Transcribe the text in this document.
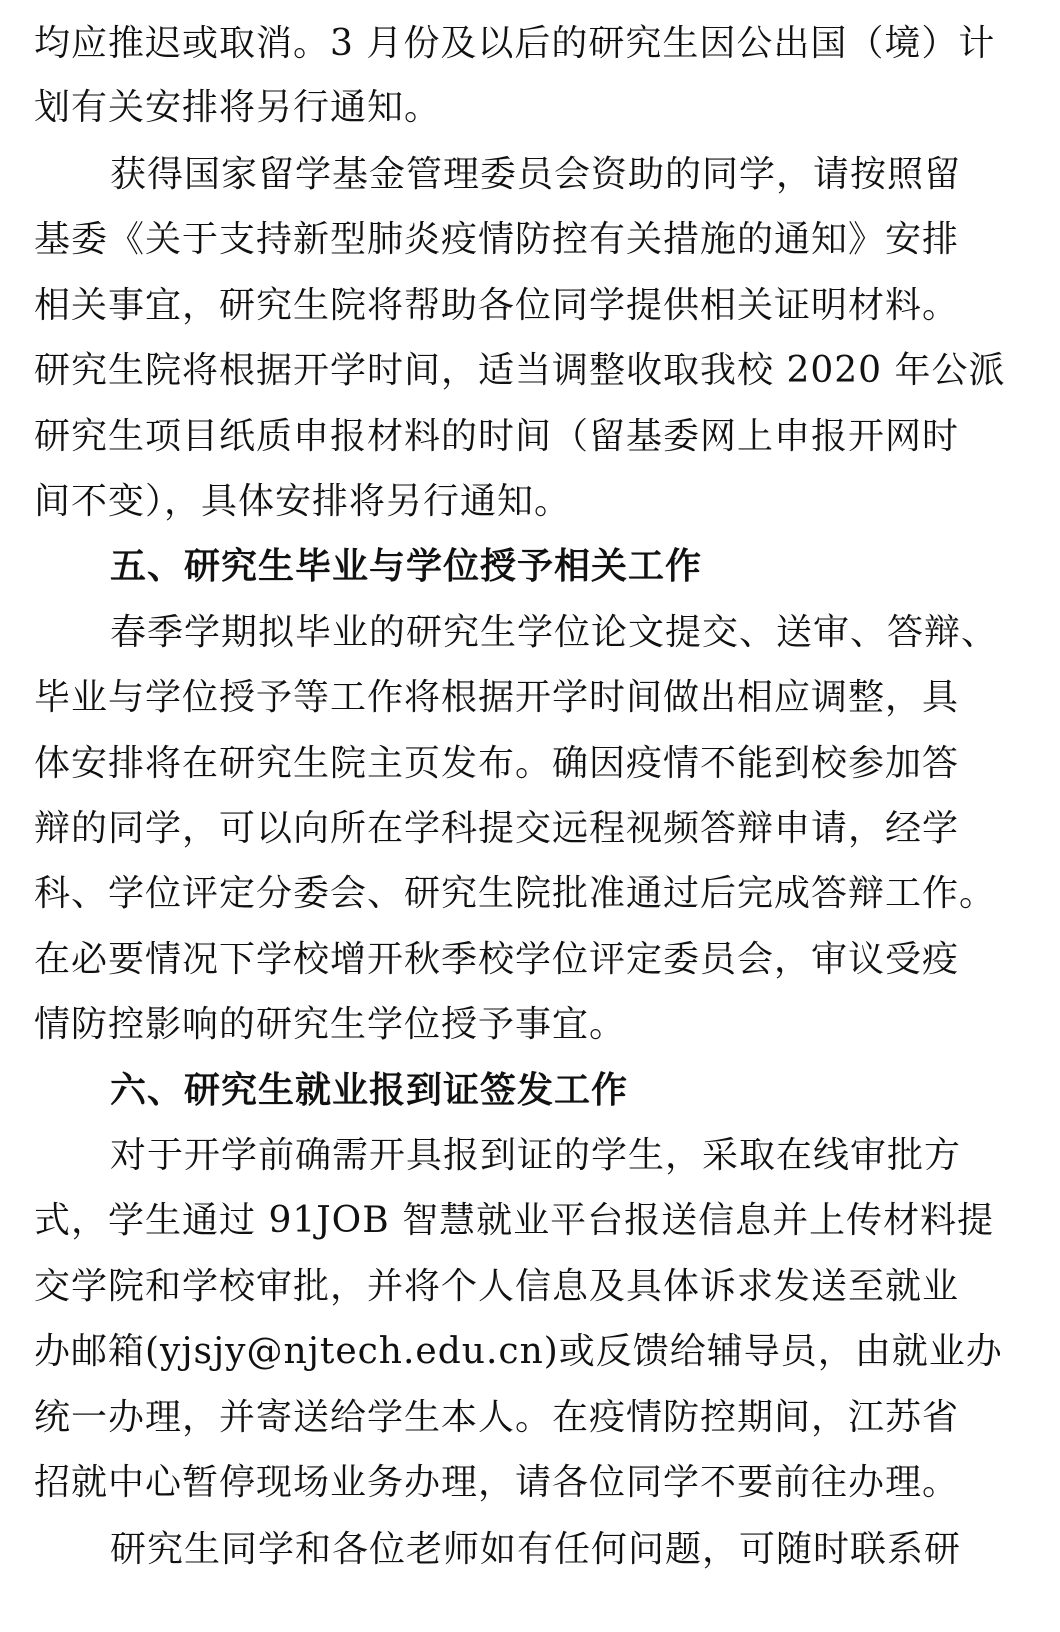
均应推迟或取消。3 月份及以后的研究生因公出国（境）计
划有关安排将另行通知。
获得国家留学基金管理委员会资助的同学，请按照留
基委《关于支持新型肺炎疫情防控有关措施的通知》安排
相关事宜，研究生院将帮助各位同学提供相关证明材料。
研究生院将根据开学时间，适当调整收取我校 2020 年公派
研究生项目纸质申报材料的时间（留基委网上申报开网时
间不变），具体安排将另行通知。
五、研究生毕业与学位授予相关工作
春季学期拟毕业的研究生学位论文提交、送审、答辩、
毕业与学位授予等工作将根据开学时间做出相应调整，具
体安排将在研究生院主页发布。确因疫情不能到校参加答
辩的同学，可以向所在学科提交远程视频答辩申请，经学
科、学位评定分委会、研究生院批准通过后完成答辩工作。
在必要情况下学校增开秋季校学位评定委员会，审议受疫
情防控影响的研究生学位授予事宜。
六、研究生就业报到证签发工作
对于开学前确需开具报到证的学生，采取在线审批方
式，学生通过 91JOB 智慧就业平台报送信息并上传材料提
交学院和学校审批，并将个人信息及具体诉求发送至就业
办邮箱(yjsjy@njtech.edu.cn)或反馈给辅导员，由就业办
统一办理，并寄送给学生本人。在疫情防控期间，江苏省
招就中心暂停现场业务办理，请各位同学不要前往办理。
研究生同学和各位老师如有任何问题，可随时联系研
